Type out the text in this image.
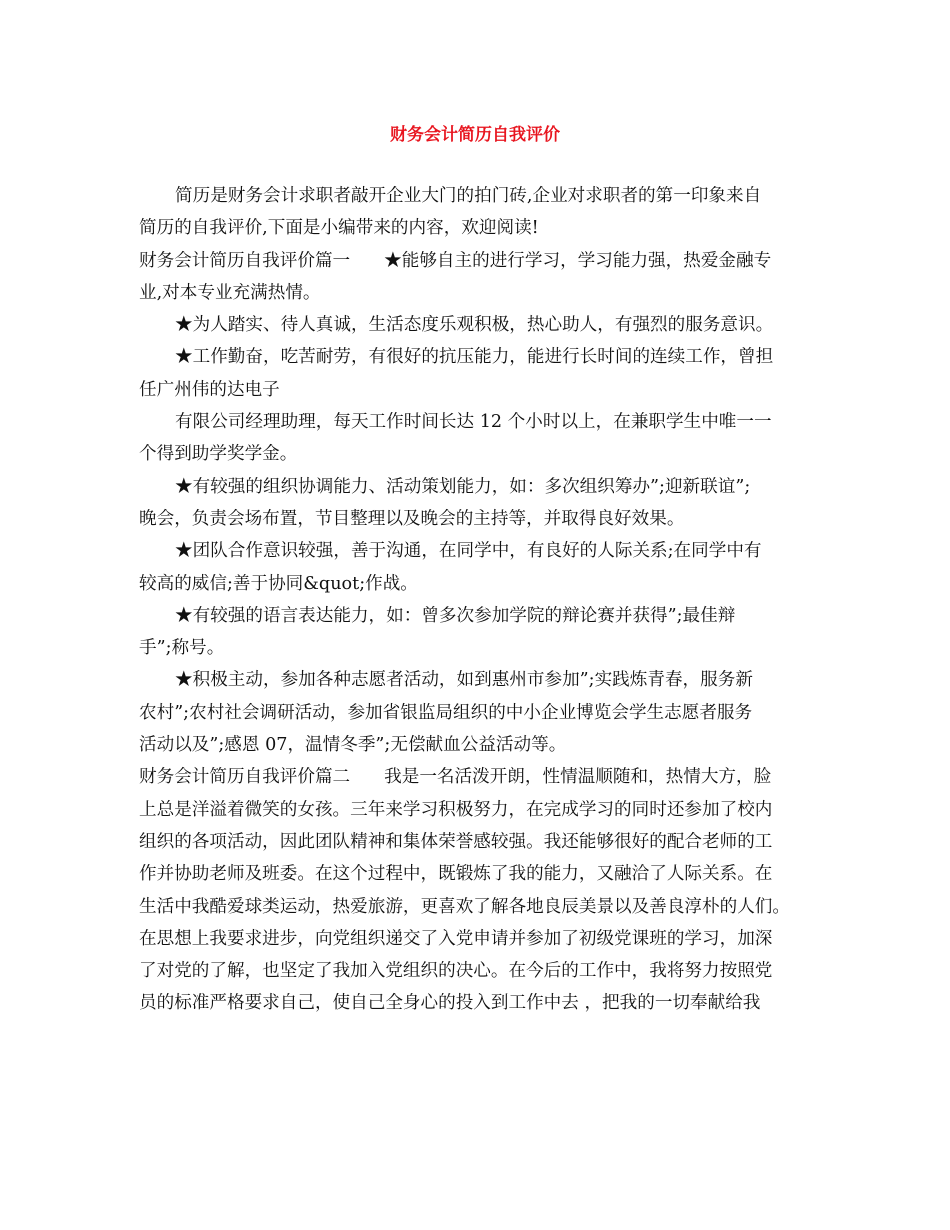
财务会计简历自我评价
简历是财务会计求职者敲开企业大门的拍门砖,企业对求职者的第一印象来自
简历的自我评价,下面是小编带来的内容，欢迎阅读!
财务会计简历自我评价篇一 ★能够自主的进行学习，学习能力强，热爱金融专
业,对本专业充满热情。
★为人踏实、待人真诚，生活态度乐观积极，热心助人，有强烈的服务意识。
★工作勤奋，吃苦耐劳，有很好的抗压能力，能进行长时间的连续工作，曾担
任广州伟的达电子
有限公司经理助理，每天工作时间长达 12 个小时以上，在兼职学生中唯一一
个得到助学奖学金。
★有较强的组织协调能力、活动策划能力，如：多次组织筹办”;迎新联谊”;
晚会，负责会场布置，节目整理以及晚会的主持等，并取得良好效果。
★团队合作意识较强，善于沟通，在同学中，有良好的人际关系;在同学中有
较高的威信;善于协同&quot;作战。
★有较强的语言表达能力，如：曾多次参加学院的辩论赛并获得”;最佳辩
手”;称号。
★积极主动，参加各种志愿者活动，如到惠州市参加”;实践炼青春，服务新
农村”;农村社会调研活动，参加省银监局组织的中小企业博览会学生志愿者服务
活动以及”;感恩 07，温情冬季”;无偿献血公益活动等。
财务会计简历自我评价篇二 我是一名活泼开朗，性情温顺随和，热情大方，脸
上总是洋溢着微笑的女孩。三年来学习积极努力，在完成学习的同时还参加了校内
组织的各项活动，因此团队精神和集体荣誉感较强。我还能够很好的配合老师的工
作并协助老师及班委。在这个过程中，既锻炼了我的能力，又融洽了人际关系。在
生活中我酷爱球类运动，热爱旅游，更喜欢了解各地良辰美景以及善良淳朴的人们。
在思想上我要求进步，向党组织递交了入党申请并参加了初级党课班的学习，加深
了对党的了解，也坚定了我加入党组织的决心。在今后的工作中，我将努力按照党
员的标准严格要求自己，使自己全身心的投入到工作中去 ，把我的一切奉献给我
